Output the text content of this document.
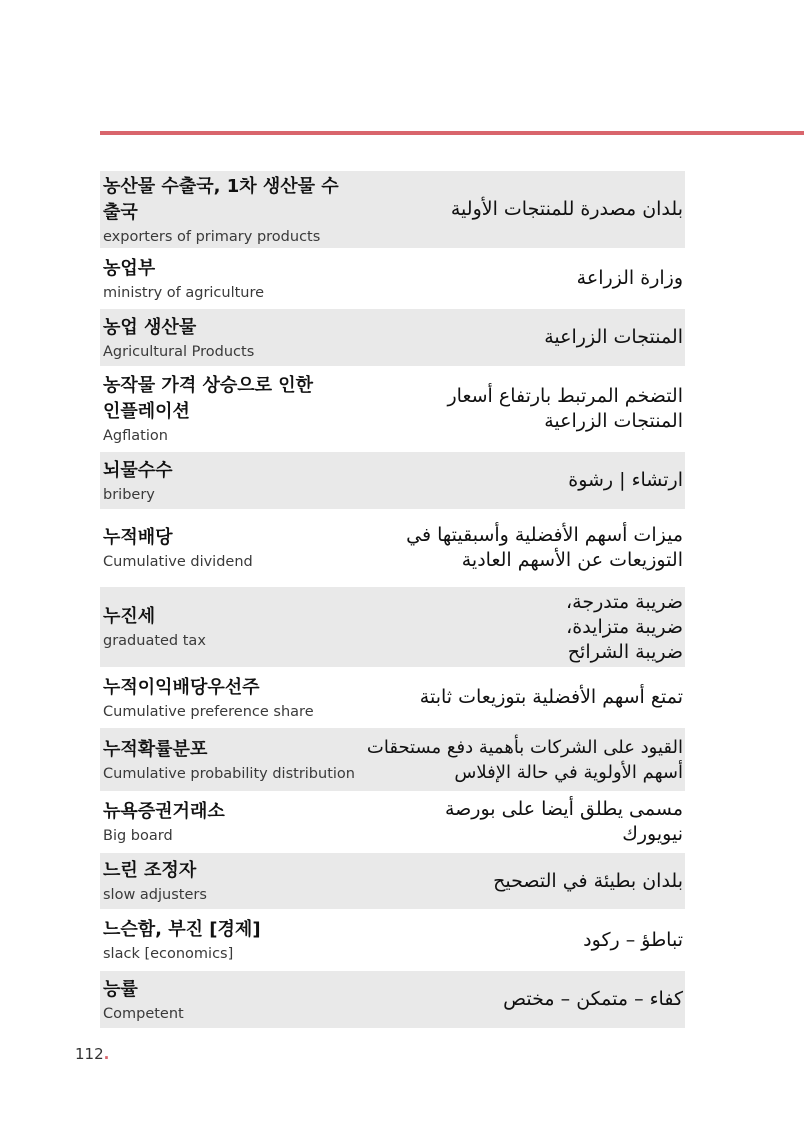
농산물 수출국, 1차 생산물 수
출국
exporters of primary products
بلدان مصدرة للمنتجات الأولية
농업부
ministry of agriculture
وزارة الزراعة
농업 생산물
Agricultural Products
المنتجات الزراعية
농작물 가격 상승으로 인한
인플레이션
Agflation
التضخم المرتبط بارتفاع أسعار
المنتجات الزراعية
뇌물수수
bribery
ارتشاء | رشوة
누적배당
Cumulative dividend
ميزات أسهم الأفضلية وأسبقيتها في
التوزيعات عن الأسهم العادية
누진세
graduated tax
ضريبة متدرجة،
ضريبة متزايدة،
ضريبة الشرائح
누적이익배당우선주
Cumulative preference share
تمتع أسهم الأفضلية بتوزيعات ثابتة
누적확률분포
Cumulative probability distribution
القيود على الشركات بأهمية دفع مستحقات
أسهم الأولوية في حالة الإفلاس
뉴욕증권거래소
Big board
مسمى يطلق أيضا على بورصة
نيويورك
느린 조정자
slow adjusters
بلدان بطيئة في التصحيح
느슨함, 부진 [경제]
slack [economics]
تباطؤ – ركود
능률
Competent
كفاء – متمكن – مختص
112.
